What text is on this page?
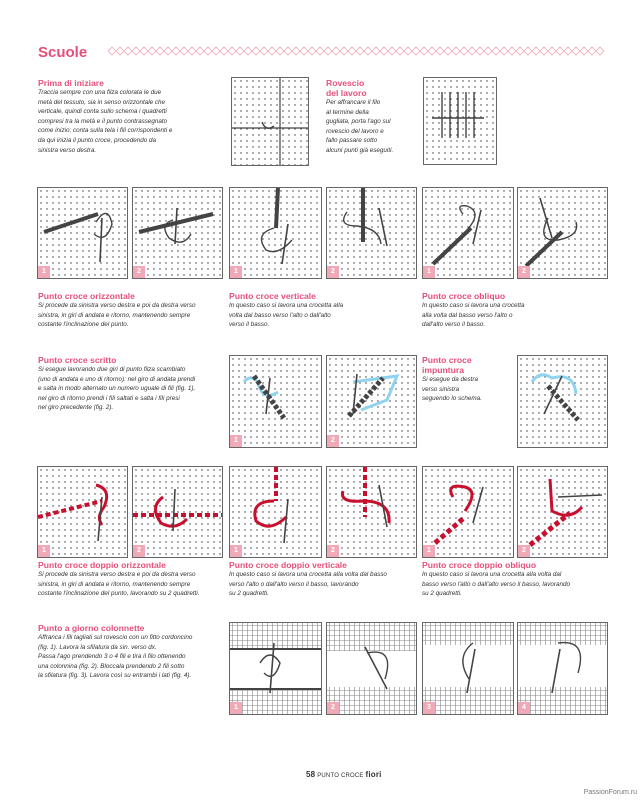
Scuole
Prima di iniziare

Traccia sempre con una filza colorata le due
metà del tessuto, sia in senso orizzontale che
verticale, quindi conta sullo schema i quadretti
compresi tra la metà e il punto contrassegnato
come inizio; conta sulla tela i fili corrispondenti e
da qui inizia il punto croce, procedendo da
sinistra verso destra.

Rovescio
del lavoro

Per affrancare il filo
al termine della
gugliata, porta l'ago sul
rovescio del lavoro e
fallo passare sotto
alcuni punti già eseguiti.

1	2	1	2	1	2
Punto croce orizzontale

Si procede da sinistra verso destra e poi da destra verso
sinistra, in giri di andata e ritorno, mantenendo sempre
costante l'inclinazione del punto.

Punto croce verticale

In questo caso si lavora una crocetta alla
volta dal basso verso l'alto o dall'alto
verso il basso.

Punto croce obliquo

In questo caso si lavora una crocetta
alla volta dal basso verso l'alto o
dall'alto verso il basso.

Punto croce scritto

Si esegue lavorando due giri di punto filza scambiato
(uno di andata e uno di ritorno): nel giro di andata prendi
e salta in modo alternato un numero uguale di fili (fig. 1),
nel giro di ritorno prendi i fili saltati e salta i fili presi
nel giro precedente (fig. 2).

1	2
Punto croce
impuntura

Si esegue da destra
verso sinistra
seguendo lo schema.

1	2	1	2	1	2
Punto croce doppio orizzontale

Si procede da sinistra verso destra e poi da destra verso
sinistra, in giri di andata e ritorno, mantenendo sempre
costante l'inclinazione del punto, lavorando su 2 quadretti.

Punto croce doppio verticale

In questo caso si lavora una crocetta alla volta dal basso
verso l'alto o dall'alto verso il basso, lavorando
su 2 quadretti.

Punto croce doppio obliquo

In questo caso si lavora una crocetta alla volta dal
basso verso l'alto o dall'alto verso il basso, lavorando
su 2 quadretti.

Punto a giorno colonnette

Affranca i fili tagliati sul rovescio con un fitto cordoncino
(fig. 1). Lavora la sfilatura da sin. verso dx.
Passa l'ago prendendo 3 o 4 fili e tira il filo ottenendo
una colonnina (fig. 2). Bloccala prendendo 2 fili sotto
la sfilatura (fig. 3). Lavora così su entrambi i lati (fig. 4).

1	2	3	4
58 PUNTO CROCE fiori
PassionForum.ru
